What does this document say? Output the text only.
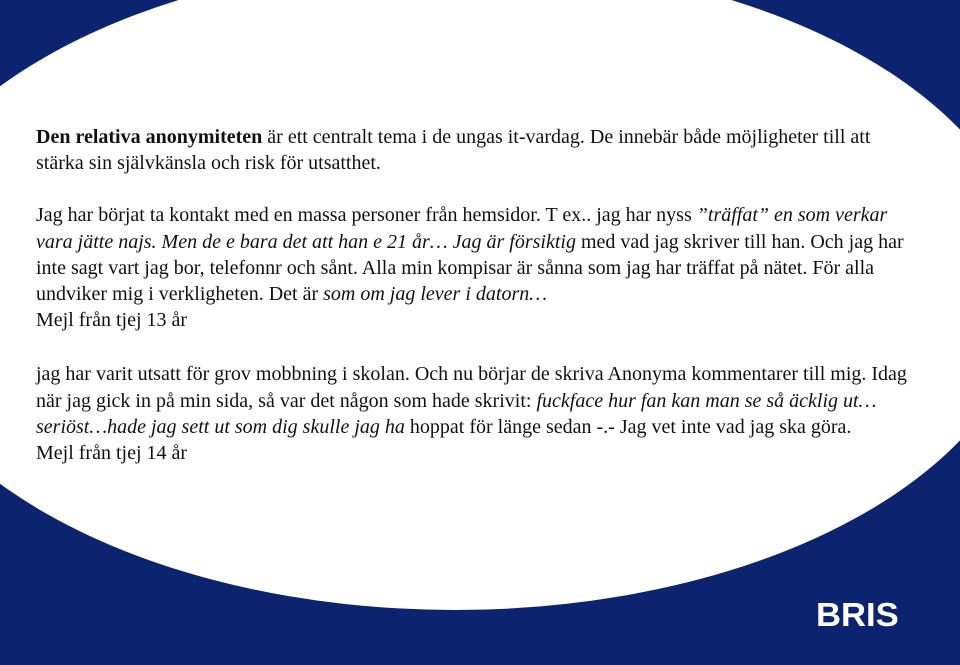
Den relativa anonymiteten är ett centralt tema i de ungas it-vardag. De innebär både möjligheter till att stärka sin självkänsla och risk för utsatthet.

Jag har börjat ta kontakt med en massa personer från hemsidor. T ex.. jag har nyss ”träffat” en som verkar vara jätte najs. Men de e bara det att han e 21 år… Jag är försiktig med vad jag skriver till han. Och jag har inte sagt vart jag bor, telefonnr och sånt. Alla min kompisar är sånna som jag har träffat på nätet. För alla undviker mig i verkligheten. Det är som om jag lever i datorn…

Mejl från tjej 13 år

jag har varit utsatt för grov mobbning i skolan. Och nu börjar de skriva Anonyma kommentarer till mig. Idag när jag gick in på min sida, så var det någon som hade skrivit: fuckface hur fan kan man se så äcklig ut…seriöst…hade jag sett ut som dig skulle jag ha hoppat för länge sedan -.- Jag vet inte vad jag ska göra.

Mejl från tjej 14 år

BRIS
